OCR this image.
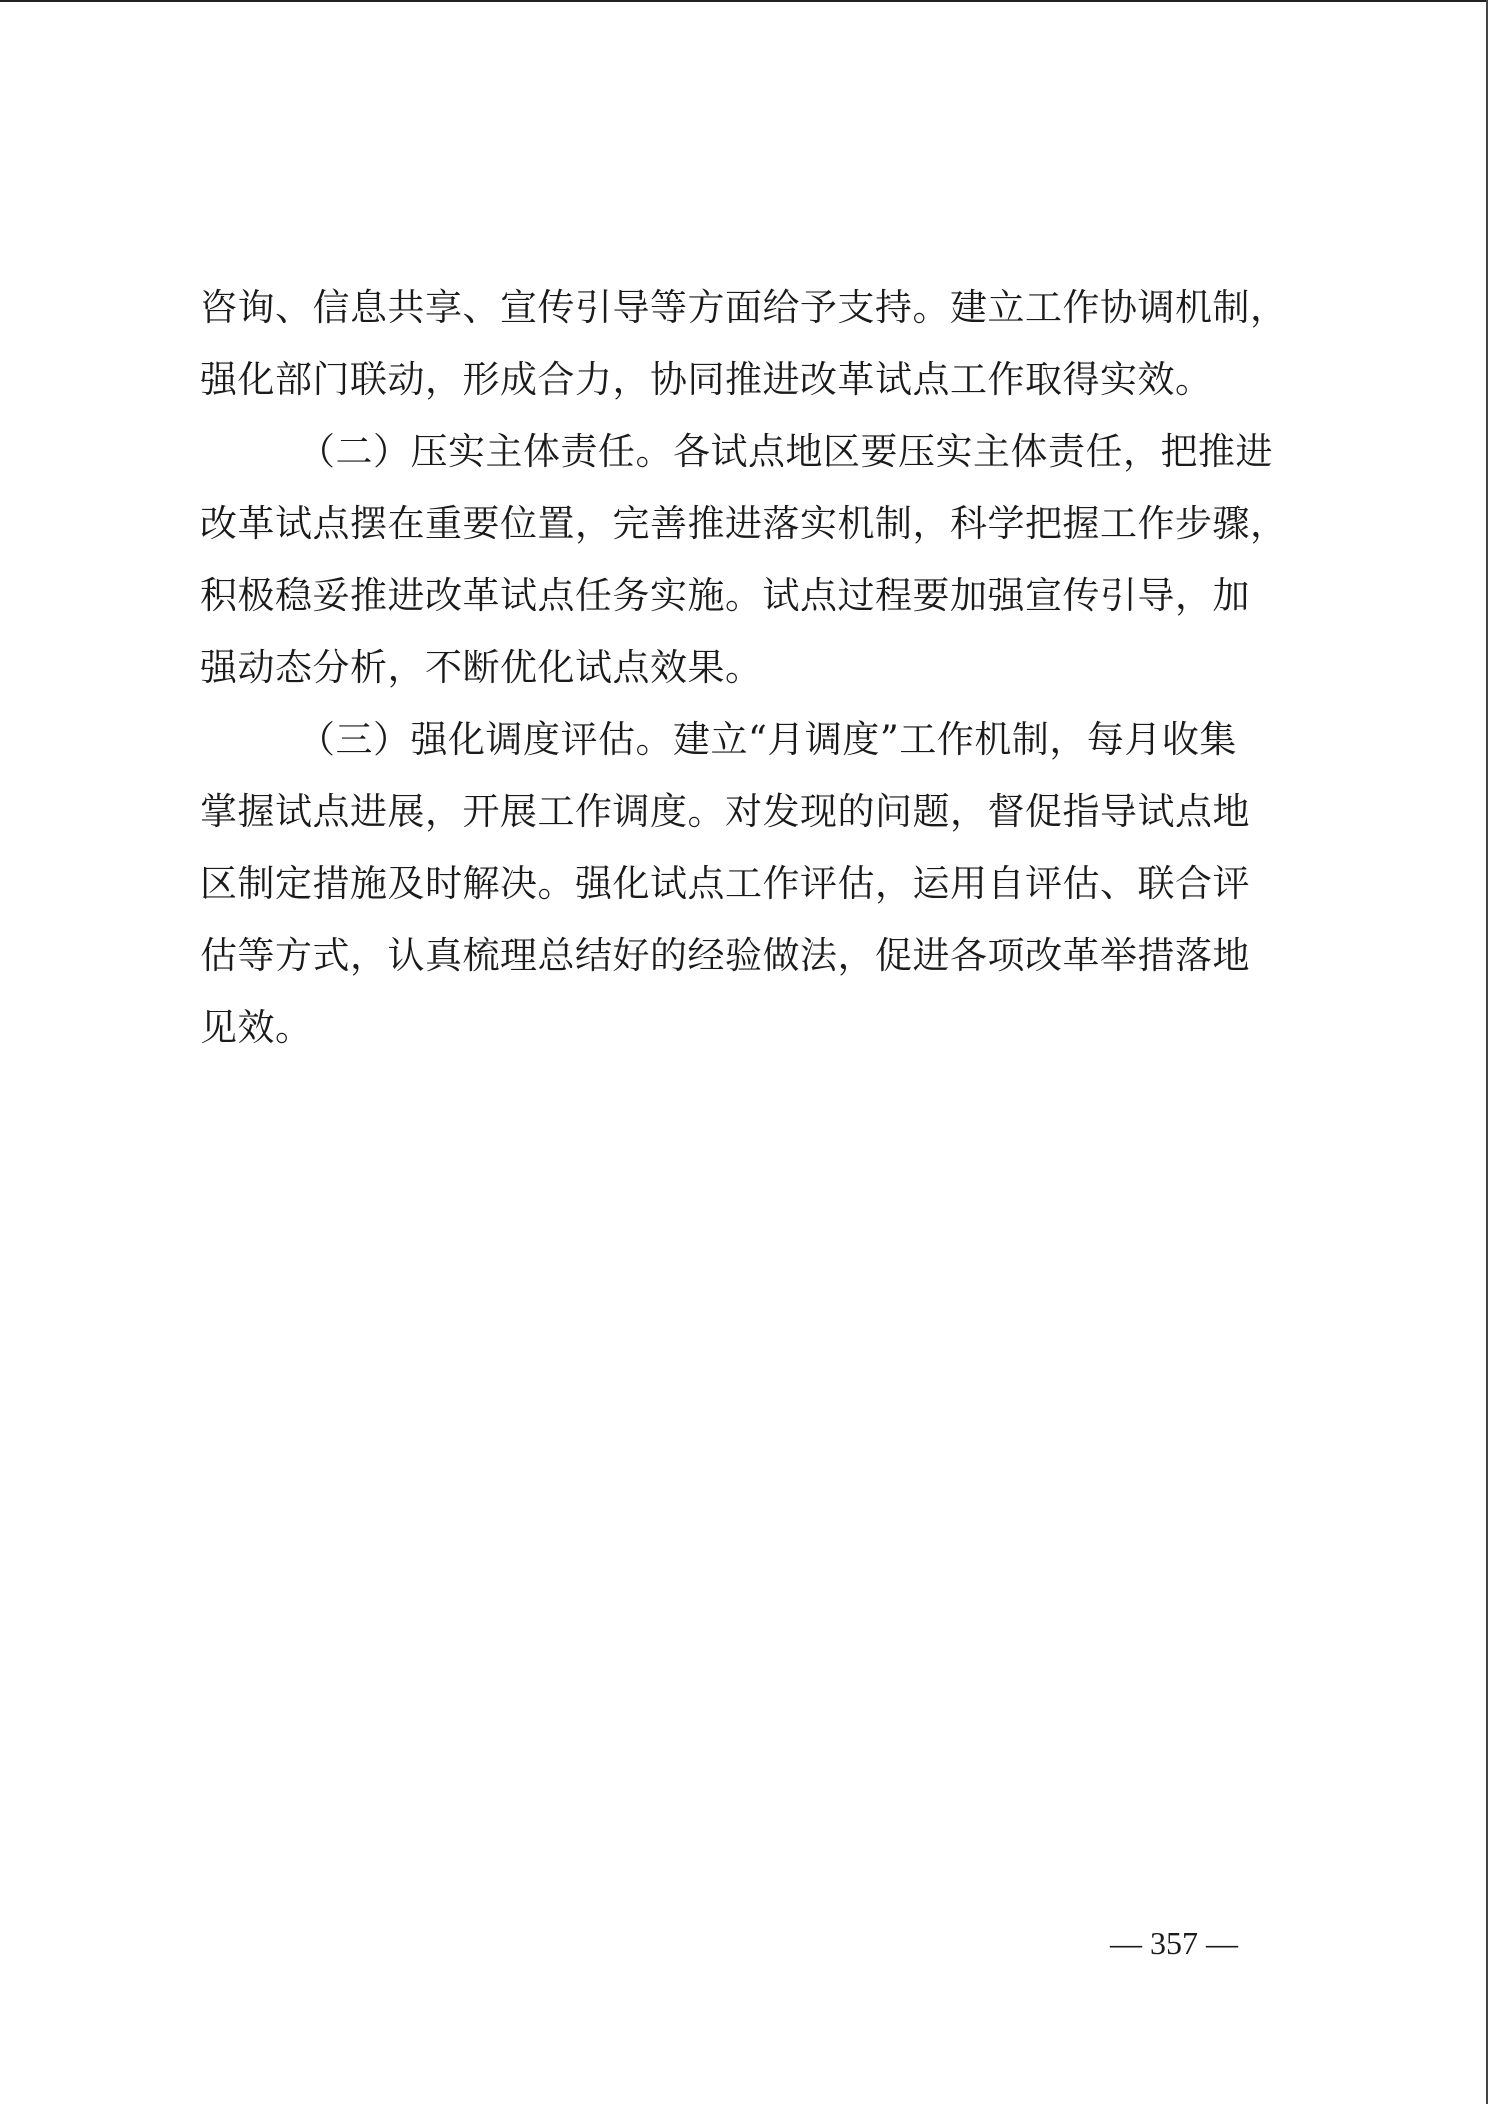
咨询、信息共享、宣传引导等方面给予支持。建立工作协调机制，
强化部门联动，形成合力，协同推进改革试点工作取得实效。
（二）压实主体责任。各试点地区要压实主体责任，把推进
改革试点摆在重要位置，完善推进落实机制，科学把握工作步骤，
积极稳妥推进改革试点任务实施。试点过程要加强宣传引导，加
强动态分析，不断优化试点效果。
（三）强化调度评估。建立“月调度”工作机制，每月收集
掌握试点进展，开展工作调度。对发现的问题，督促指导试点地
区制定措施及时解决。强化试点工作评估，运用自评估、联合评
估等方式，认真梳理总结好的经验做法，促进各项改革举措落地
见效。
— 357 —
